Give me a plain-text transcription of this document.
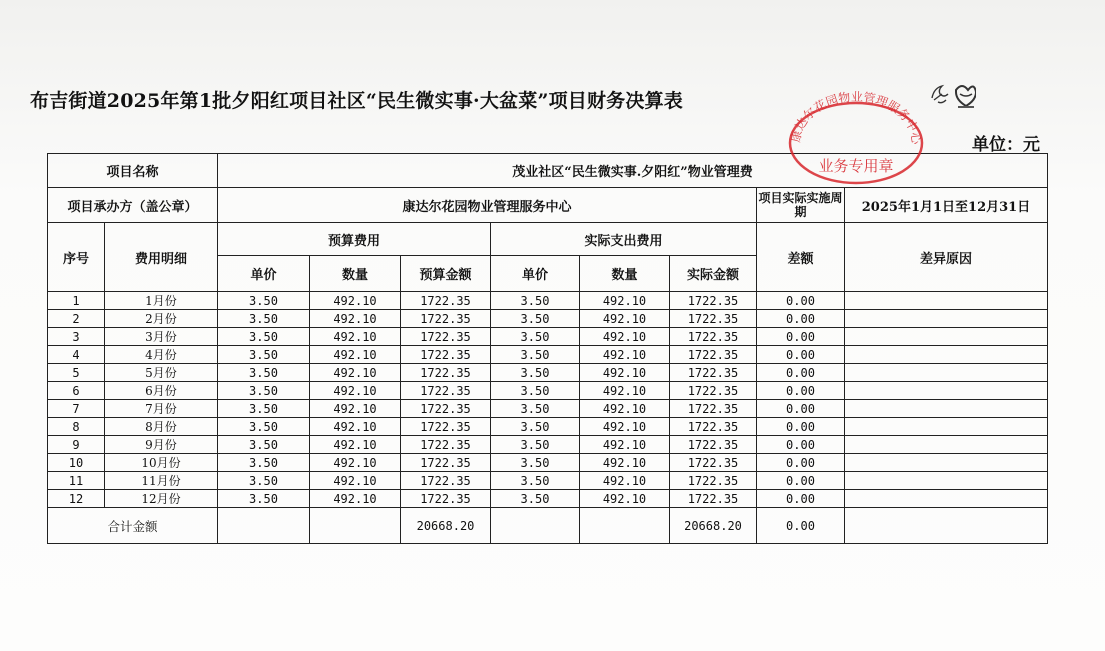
布吉街道2025年第1批夕阳红项目社区“民生微实事·大盆菜”项目财务决算表
单位：元
项目名称		茂业社区“民生微实事.夕阳红”物业管理费							
项目承办方（盖公章）		康达尔花园物业管理服务中心						项目实际实施周期	2025年1月1日至12月31日
序号	费用明细	预算费用			实际支出费用			差额	差异原因
		单价	数量	预算金额	单价	数量	实际金额		
1	1月份	3.50	492.10	1722.35	3.50	492.10	1722.35	0.00	
2	2月份	3.50	492.10	1722.35	3.50	492.10	1722.35	0.00	
3	3月份	3.50	492.10	1722.35	3.50	492.10	1722.35	0.00	
4	4月份	3.50	492.10	1722.35	3.50	492.10	1722.35	0.00	
5	5月份	3.50	492.10	1722.35	3.50	492.10	1722.35	0.00	
6	6月份	3.50	492.10	1722.35	3.50	492.10	1722.35	0.00	
7	7月份	3.50	492.10	1722.35	3.50	492.10	1722.35	0.00	
8	8月份	3.50	492.10	1722.35	3.50	492.10	1722.35	0.00	
9	9月份	3.50	492.10	1722.35	3.50	492.10	1722.35	0.00	
10	10月份	3.50	492.10	1722.35	3.50	492.10	1722.35	0.00	
11	11月份	3.50	492.10	1722.35	3.50	492.10	1722.35	0.00	
12	12月份	3.50	492.10	1722.35	3.50	492.10	1722.35	0.00	
合计金额				20668.20			20668.20	0.00	
康达尔花园物业管理服务中心
业务专用章
